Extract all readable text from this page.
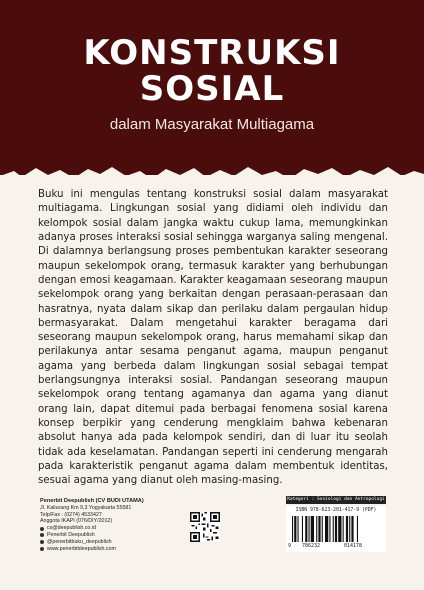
KONSTRUKSI
SOSIAL
dalam Masyarakat Multiagama

Buku ini mengulas tentang konstruksi sosial dalam masyarakat multiagama. Lingkungan sosial yang didiami oleh individu dan kelompok sosial dalam jangka waktu cukup lama, memungkinkan adanya proses interaksi sosial sehingga warganya saling mengenal. Di dalamnya berlangsung proses pembentukan karakter seseorang maupun sekelompok orang, termasuk karakter yang berhubungan dengan emosi keagamaan. Karakter keagamaan seseorang maupun sekelompok orang yang berkaitan dengan perasaan-perasaan dan hasratnya, nyata dalam sikap dan perilaku dalam pergaulan hidup bermasyarakat. Dalam mengetahui karakter beragama dari seseorang maupun sekelompok orang, harus memahami sikap dan perilakunya antar sesama penganut agama, maupun penganut agama yang berbeda dalam lingkungan sosial sebagai tempat berlangsungnya interaksi sosial. Pandangan seseorang maupun sekelompok orang tentang agamanya dan agama yang dianut orang lain, dapat ditemui pada berbagai fenomena sosial karena konsep berpikir yang cenderung mengklaim bahwa kebenaran absolut hanya ada pada kelompok sendiri, dan di luar itu seolah tidak ada keselamatan. Pandangan seperti ini cenderung mengarah pada karakteristik penganut agama dalam membentuk identitas, sesuai agama yang dianut oleh masing-masing.

Penerbit Deepublish (CV BUDI UTAMA)
Jl. Kaliurang Km 9,3 Yogyakarta 55581
Telp/Fax : (0274) 4533427
Anggota IKAPI (076/DIY/2012)
cs@deepublish.co.id
Penerbit Deepublish
@penerbitbuku_deepublish
www.penerbitdeepublish.com
Kategori : Sosiologi dan Antropologi
ISBN 978-623-201-417-9 (PDF)
9 786232	014178
